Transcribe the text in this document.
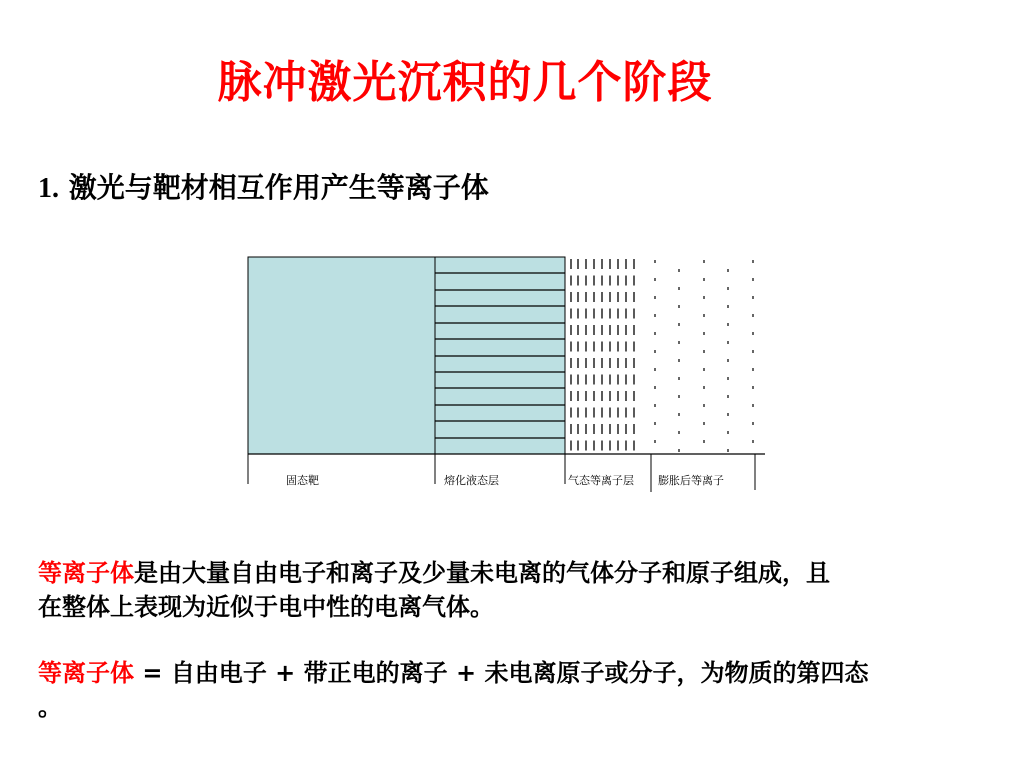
脉冲激光沉积的几个阶段
1. 激光与靶材相互作用产生等离子体
固态靶	熔化液态层	气态等离子层 膨胀后等离子
等离子体是由大量自由电子和离子及少量未电离的气体分子和原子组成，且
在整体上表现为近似于电中性的电离气体。
等离子体 = 自由电子 + 带正电的离子 + 未电离原子或分子，为物质的第四态
。
